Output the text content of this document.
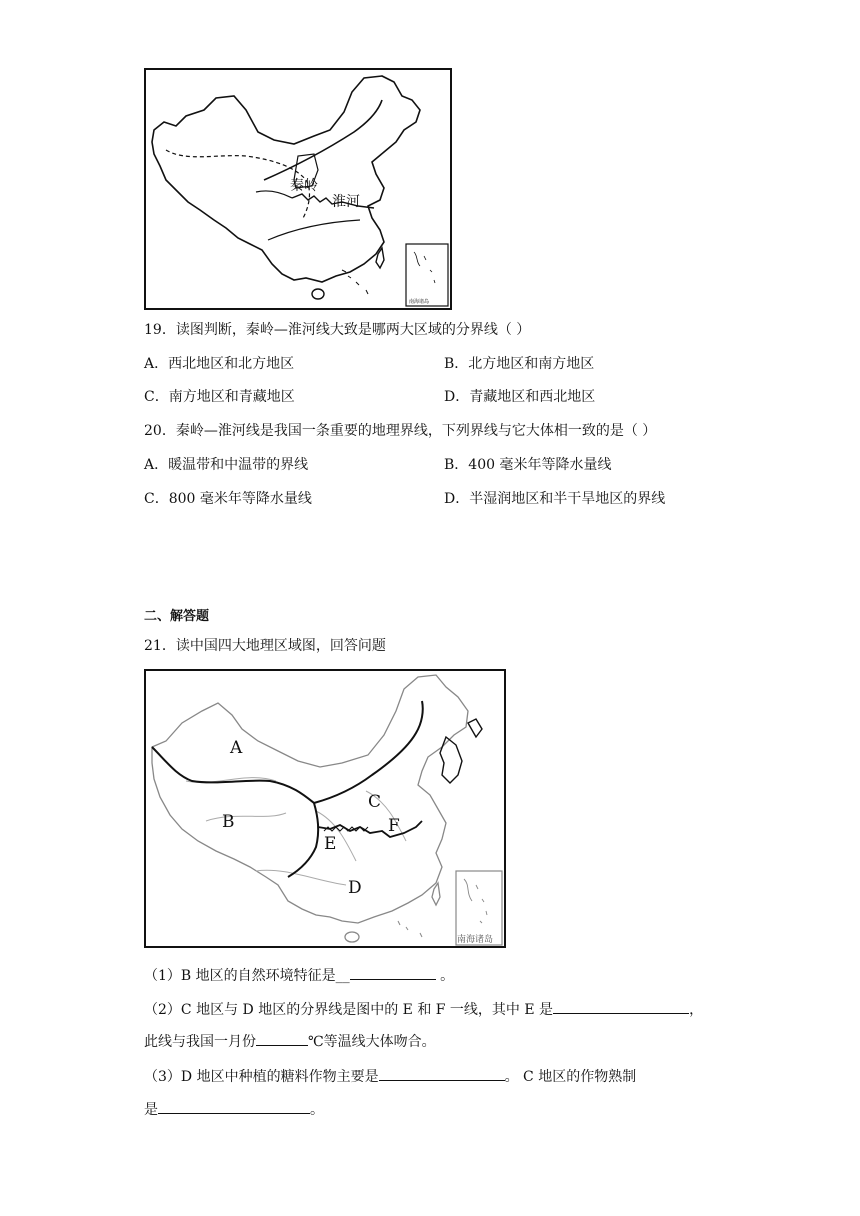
秦岭
淮河
南海诸岛
19．读图判断，秦岭—淮河线大致是哪两大区域的分界线（ ）
A．西北地区和北方地区	B．北方地区和南方地区
C．南方地区和青藏地区	D．青藏地区和西北地区
20．秦岭—淮河线是我国一条重要的地理界线，下列界线与它大体相一致的是（ ）
A．暖温带和中温带的界线	B．400 毫米年等降水量线
C．800 毫米年等降水量线	D．半湿润地区和半干旱地区的界线
二、解答题
21．读中国四大地理区域图，回答问题
A
B
C
D
E
F
南海诸岛
（1）B 地区的自然环境特征是__	。
（2）C 地区与 D 地区的分界线是图中的 E 和 F 一线，其中 E 是	，
此线与我国一月份	℃等温线大体吻合。
（3）D 地区中种植的糖料作物主要是	。 C 地区的作物熟制
是	。
